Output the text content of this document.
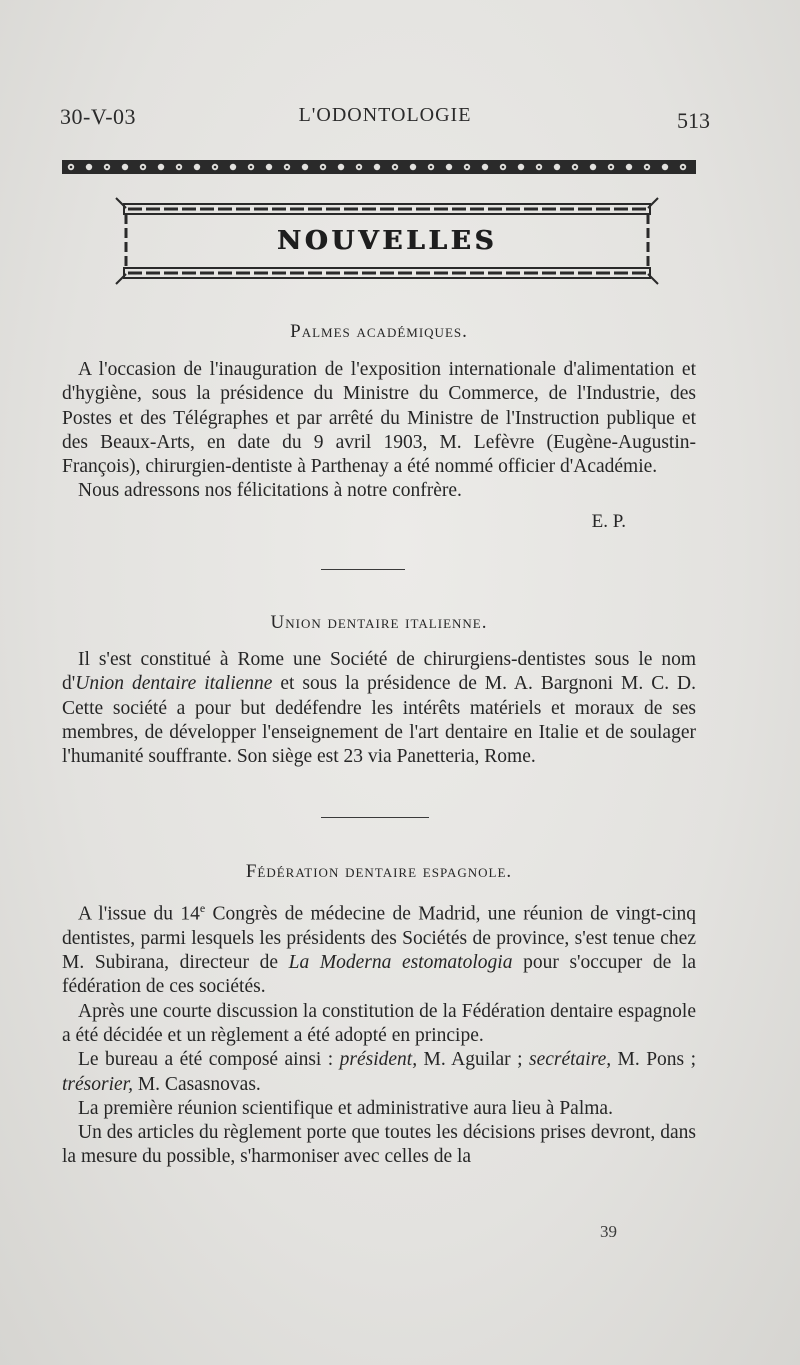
30-V-03	L'ODONTOLOGIE	513
NOUVELLES
Palmes académiques.

A l'occasion de l'inauguration de l'exposition internationale d'alimentation et d'hygiène, sous la présidence du Ministre du Commerce, de l'Industrie, des Postes et des Télégraphes et par arrêté du Ministre de l'Instruction publique et des Beaux-Arts, en date du 9 avril 1903, M. Lefèvre (Eugène-Augustin-François), chirurgien-dentiste à Parthenay a été nommé officier d'Académie.

Nous adressons nos félicitations à notre confrère.

E. P.
Union dentaire italienne.

Il s'est constitué à Rome une Société de chirurgiens-dentistes sous le nom d'Union dentaire italienne et sous la présidence de M. A. Bargnoni M. C. D. Cette société a pour but dedéfendre les intérêts matériels et moraux de ses membres, de développer l'enseignement de l'art dentaire en Italie et de soulager l'humanité souffrante. Son siège est 23 via Panetteria, Rome.

Fédération dentaire espagnole.

A l'issue du 14e Congrès de médecine de Madrid, une réunion de vingt-cinq dentistes, parmi lesquels les présidents des Sociétés de province, s'est tenue chez M. Subirana, directeur de La Moderna estomatologia pour s'occuper de la fédération de ces sociétés.

Après une courte discussion la constitution de la Fédération dentaire espagnole a été décidée et un règlement a été adopté en principe.

Le bureau a été composé ainsi : président, M. Aguilar ; secrétaire, M. Pons ; trésorier, M. Casasnovas.

La première réunion scientifique et administrative aura lieu à Palma.

Un des articles du règlement porte que toutes les décisions prises devront, dans la mesure du possible, s'harmoniser avec celles de la

39
